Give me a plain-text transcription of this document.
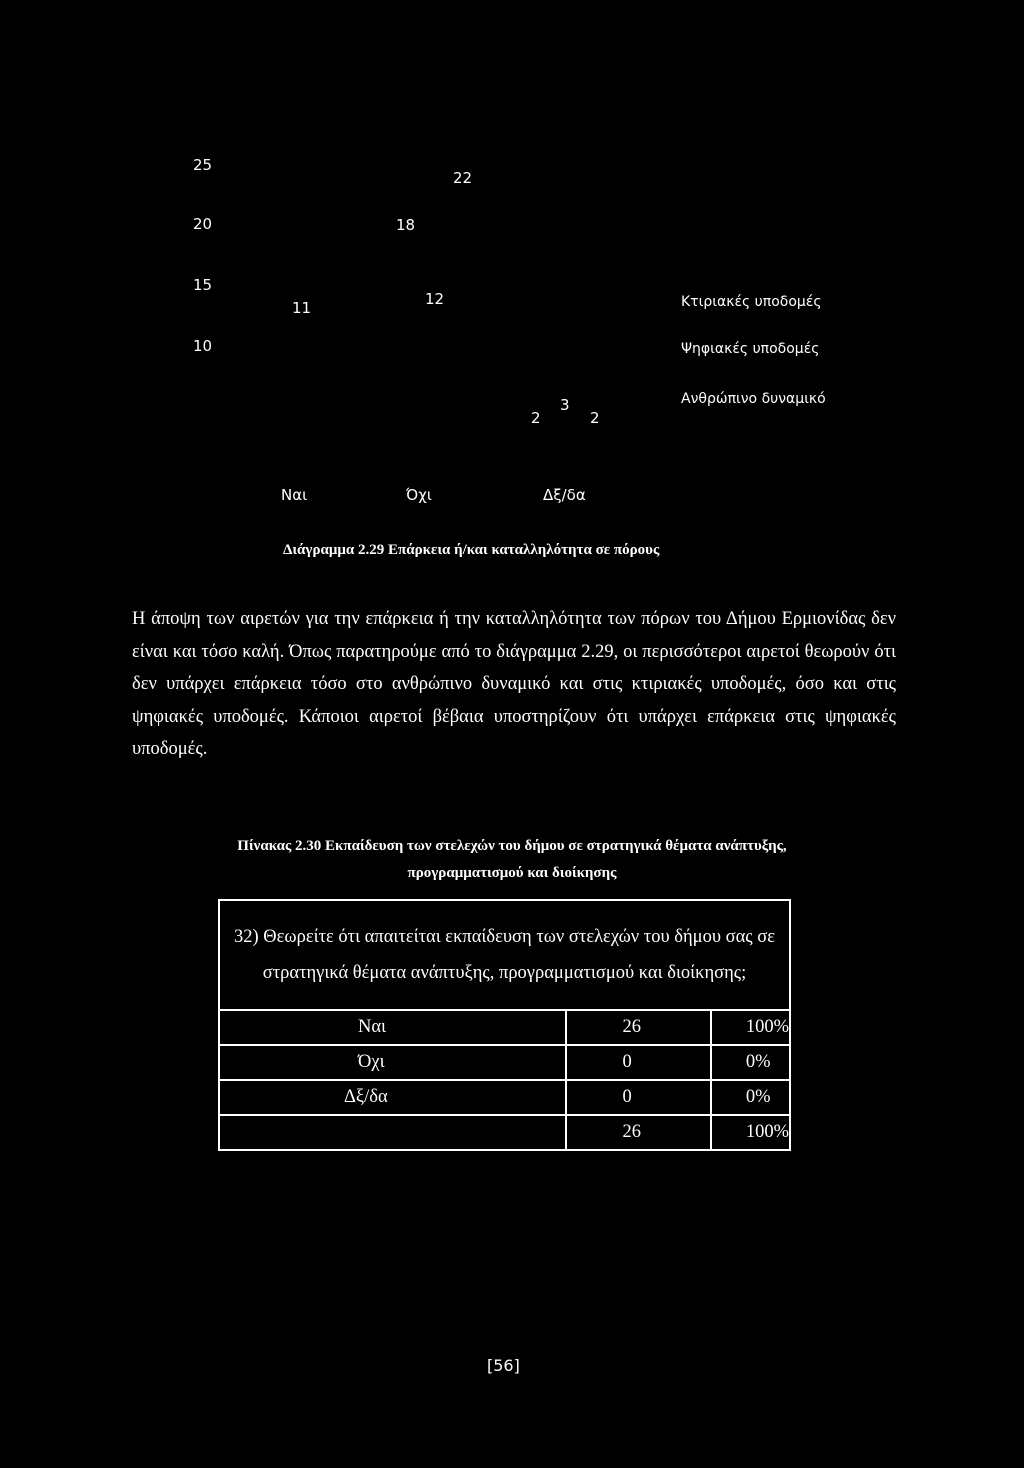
25
22
20	18
15
11	12
10
2
3
2
Κτιριακές υποδομές
Ψηφιακές υποδομές
Ανθρώπινο δυναμικό
Ναι	Όχι	Δξ/δα
Διάγραμμα 2.29 Επάρκεια ή/και καταλληλότητα σε πόρους

Η άποψη των αιρετών για την επάρκεια ή την καταλληλότητα των πόρων του Δήμου Ερμιονίδας δεν είναι και τόσο καλή. Όπως παρατηρούμε από το διάγραμμα 2.29, οι περισσότεροι αιρετοί θεωρούν ότι δεν υπάρχει επάρκεια τόσο στο ανθρώπινο δυναμικό και στις κτιριακές υποδομές, όσο και στις ψηφιακές υποδομές. Κάποιοι αιρετοί βέβαια υποστηρίζουν ότι υπάρχει επάρκεια στις ψηφιακές υποδομές.

Πίνακας 2.30 Εκπαίδευση των στελεχών του δήμου σε στρατηγικά θέματα ανάπτυξης,
προγραμματισμού και διοίκησης
32) Θεωρείτε ότι απαιτείται εκπαίδευση των στελεχών του δήμου σας σε στρατηγικά θέματα ανάπτυξης, προγραμματισμού και διοίκησης;		
Ναι	26	100%
Όχι	0	0%
Δξ/δα	0	0%
	26	100%
[56]
